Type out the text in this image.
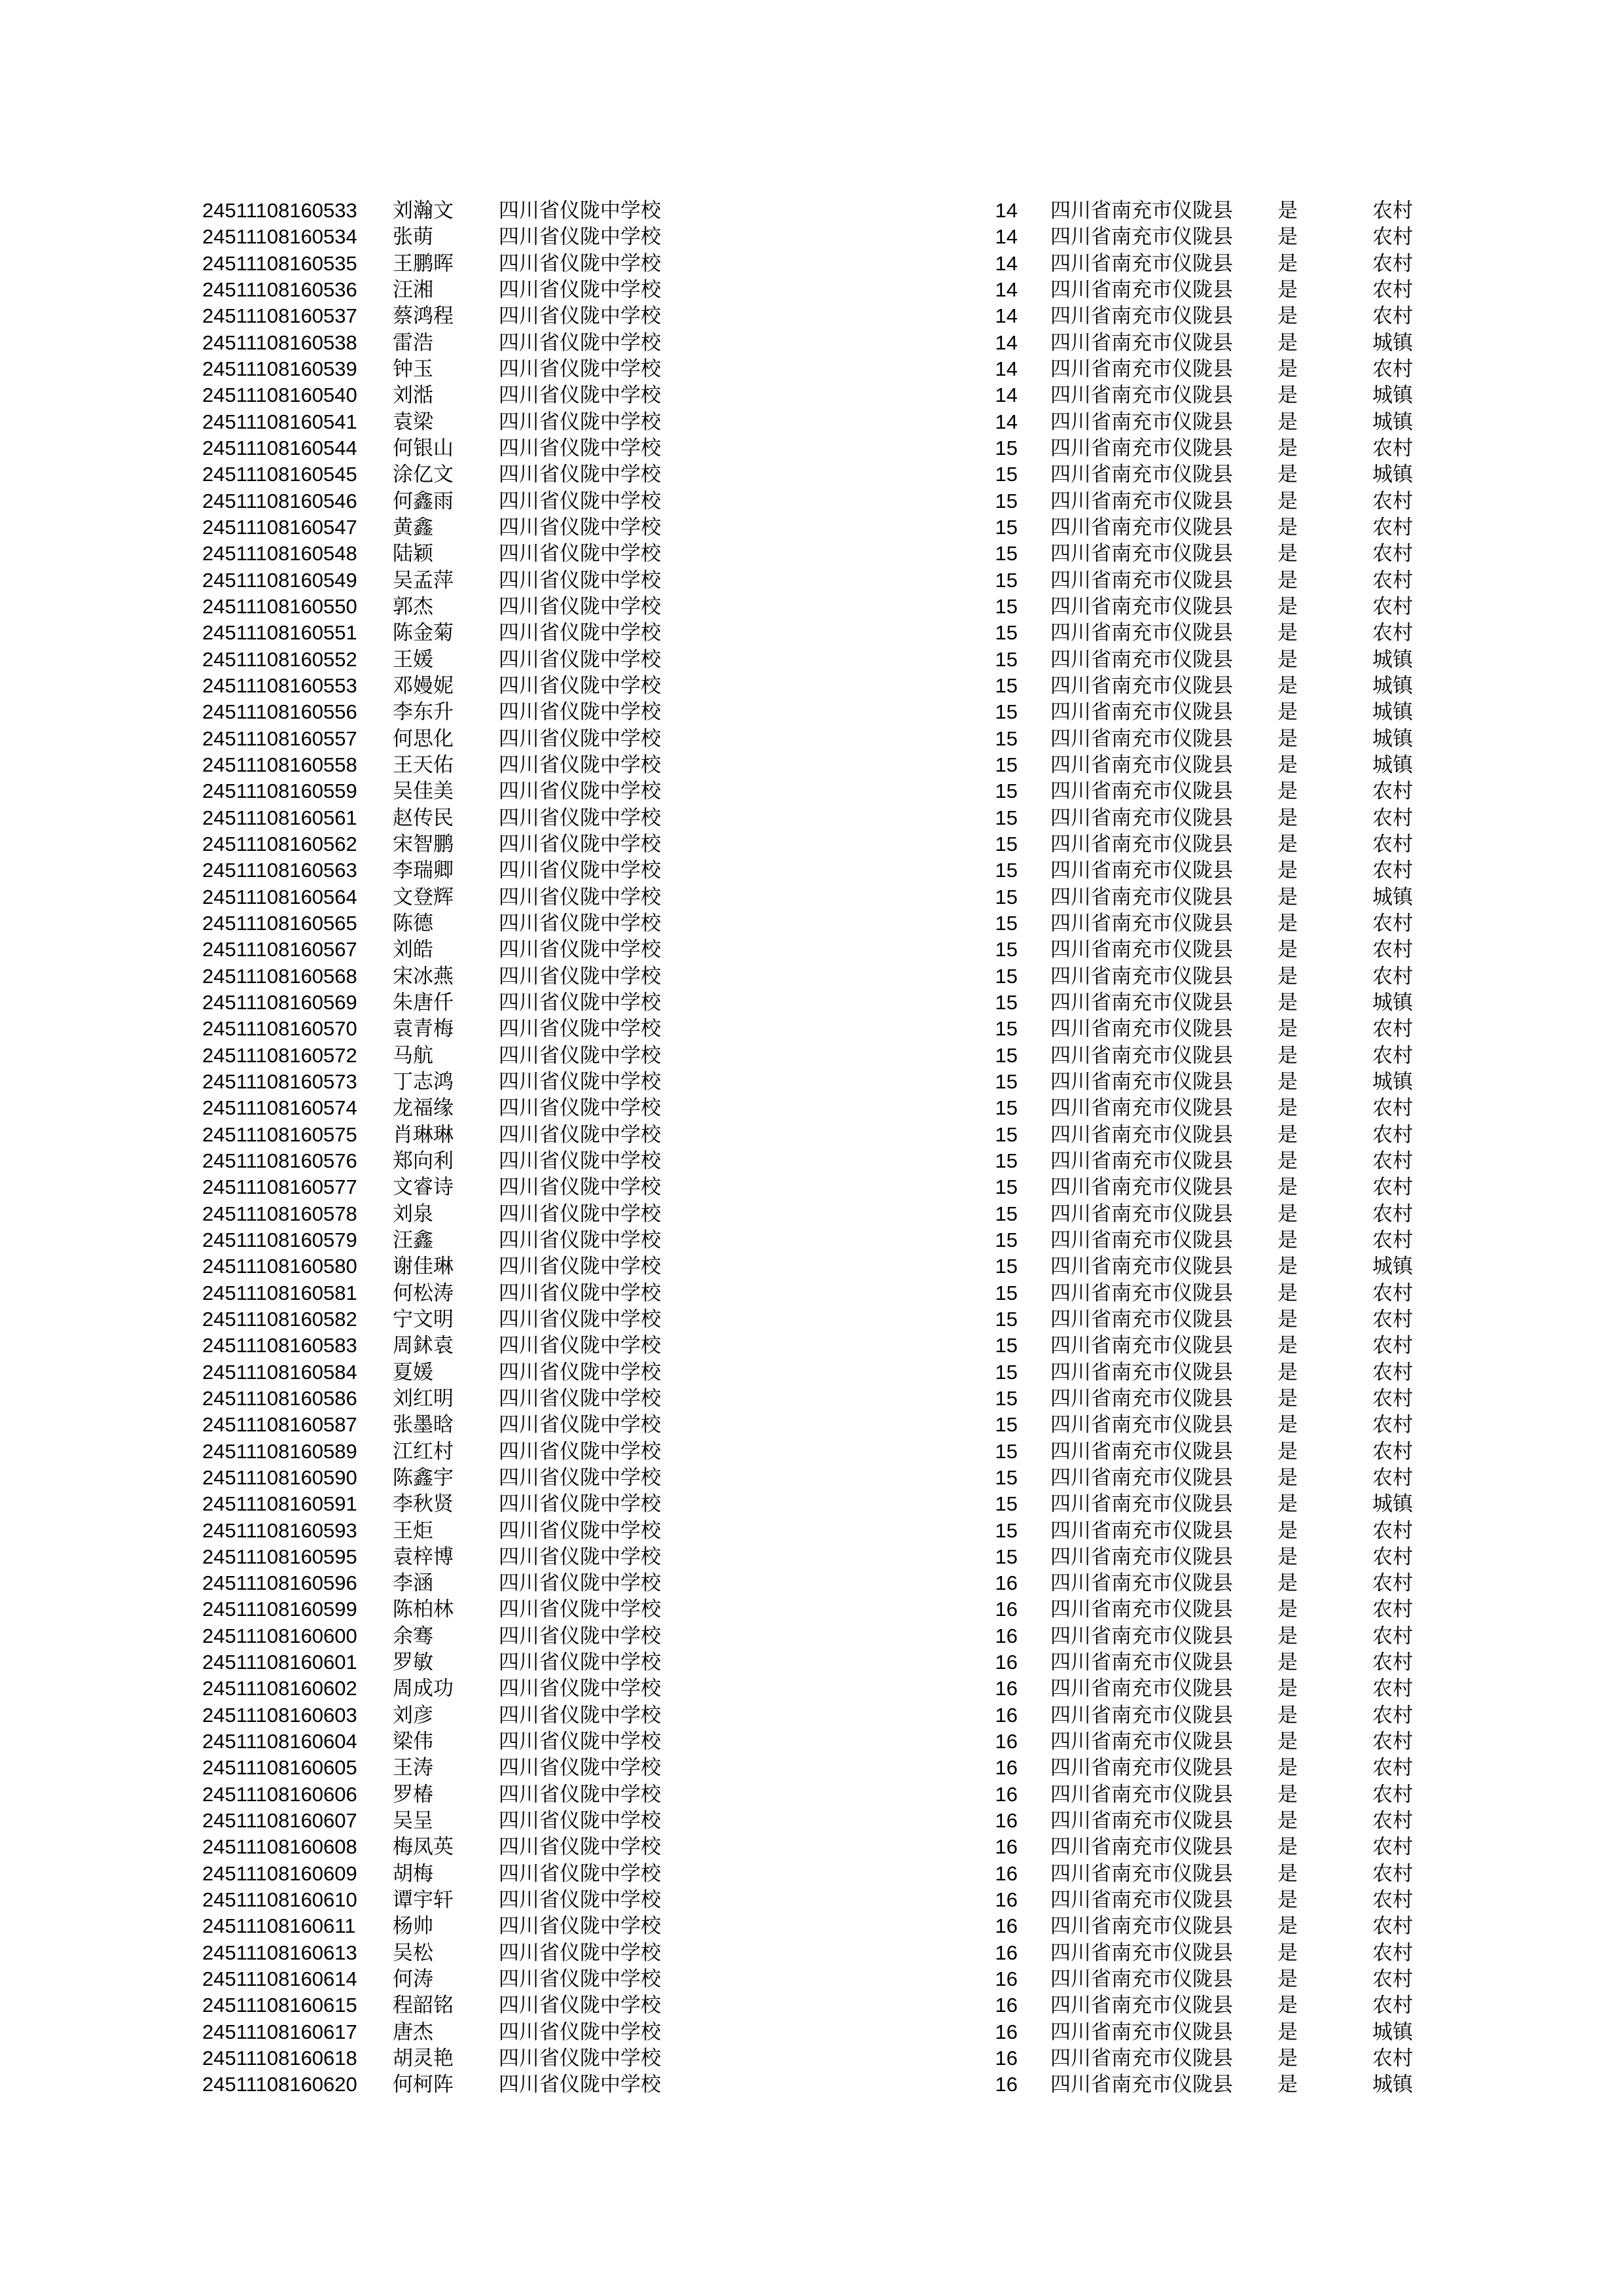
24511108160533 刘瀚文 四川省仪陇中学校	14 四川省南充市仪陇县 是	农村
24511108160534 张萌	四川省仪陇中学校	14 四川省南充市仪陇县 是	农村
24511108160535 王鹏晖 四川省仪陇中学校	14 四川省南充市仪陇县 是	农村
24511108160536 汪湘	四川省仪陇中学校	14 四川省南充市仪陇县 是	农村
24511108160537 蔡鸿程 四川省仪陇中学校	14 四川省南充市仪陇县 是	农村
24511108160538 雷浩	四川省仪陇中学校	14 四川省南充市仪陇县 是	城镇
24511108160539 钟玉	四川省仪陇中学校	14 四川省南充市仪陇县 是	农村
24511108160540 刘湉	四川省仪陇中学校	14 四川省南充市仪陇县 是	城镇
24511108160541 袁梁	四川省仪陇中学校	14 四川省南充市仪陇县 是	城镇
24511108160544 何银山 四川省仪陇中学校	15 四川省南充市仪陇县 是	农村
24511108160545 涂亿文 四川省仪陇中学校	15 四川省南充市仪陇县 是	城镇
24511108160546 何鑫雨 四川省仪陇中学校	15 四川省南充市仪陇县 是	农村
24511108160547 黄鑫	四川省仪陇中学校	15 四川省南充市仪陇县 是	农村
24511108160548 陆颖	四川省仪陇中学校	15 四川省南充市仪陇县 是	农村
24511108160549 吴孟萍 四川省仪陇中学校	15 四川省南充市仪陇县 是	农村
24511108160550 郭杰	四川省仪陇中学校	15 四川省南充市仪陇县 是	农村
24511108160551 陈金菊 四川省仪陇中学校	15 四川省南充市仪陇县 是	农村
24511108160552 王媛	四川省仪陇中学校	15 四川省南充市仪陇县 是	城镇
24511108160553 邓嫚妮 四川省仪陇中学校	15 四川省南充市仪陇县 是	城镇
24511108160556 李东升 四川省仪陇中学校	15 四川省南充市仪陇县 是	城镇
24511108160557 何思化 四川省仪陇中学校	15 四川省南充市仪陇县 是	城镇
24511108160558 王天佑 四川省仪陇中学校	15 四川省南充市仪陇县 是	城镇
24511108160559 吴佳美 四川省仪陇中学校	15 四川省南充市仪陇县 是	农村
24511108160561 赵传民 四川省仪陇中学校	15 四川省南充市仪陇县 是	农村
24511108160562 宋智鹏 四川省仪陇中学校	15 四川省南充市仪陇县 是	农村
24511108160563 李瑞卿 四川省仪陇中学校	15 四川省南充市仪陇县 是	农村
24511108160564 文登辉 四川省仪陇中学校	15 四川省南充市仪陇县 是	城镇
24511108160565 陈德	四川省仪陇中学校	15 四川省南充市仪陇县 是	农村
24511108160567 刘皓	四川省仪陇中学校	15 四川省南充市仪陇县 是	农村
24511108160568 宋冰燕 四川省仪陇中学校	15 四川省南充市仪陇县 是	农村
24511108160569 朱唐仟 四川省仪陇中学校	15 四川省南充市仪陇县 是	城镇
24511108160570 袁青梅 四川省仪陇中学校	15 四川省南充市仪陇县 是	农村
24511108160572 马航	四川省仪陇中学校	15 四川省南充市仪陇县 是	农村
24511108160573 丁志鸿 四川省仪陇中学校	15 四川省南充市仪陇县 是	城镇
24511108160574 龙福缘 四川省仪陇中学校	15 四川省南充市仪陇县 是	农村
24511108160575 肖琳琳 四川省仪陇中学校	15 四川省南充市仪陇县 是	农村
24511108160576 郑向利 四川省仪陇中学校	15 四川省南充市仪陇县 是	农村
24511108160577 文睿诗 四川省仪陇中学校	15 四川省南充市仪陇县 是	农村
24511108160578 刘泉	四川省仪陇中学校	15 四川省南充市仪陇县 是	农村
24511108160579 汪鑫	四川省仪陇中学校	15 四川省南充市仪陇县 是	农村
24511108160580 谢佳琳 四川省仪陇中学校	15 四川省南充市仪陇县 是	城镇
24511108160581 何松涛 四川省仪陇中学校	15 四川省南充市仪陇县 是	农村
24511108160582 宁文明 四川省仪陇中学校	15 四川省南充市仪陇县 是	农村
24511108160583 周鉥袁 四川省仪陇中学校	15 四川省南充市仪陇县 是	农村
24511108160584 夏媛	四川省仪陇中学校	15 四川省南充市仪陇县 是	农村
24511108160586 刘红明 四川省仪陇中学校	15 四川省南充市仪陇县 是	农村
24511108160587 张墨晗 四川省仪陇中学校	15 四川省南充市仪陇县 是	农村
24511108160589 江红村 四川省仪陇中学校	15 四川省南充市仪陇县 是	农村
24511108160590 陈鑫宇 四川省仪陇中学校	15 四川省南充市仪陇县 是	农村
24511108160591 李秋贤 四川省仪陇中学校	15 四川省南充市仪陇县 是	城镇
24511108160593 王炬	四川省仪陇中学校	15 四川省南充市仪陇县 是	农村
24511108160595 袁梓博 四川省仪陇中学校	15 四川省南充市仪陇县 是	农村
24511108160596 李涵	四川省仪陇中学校	16 四川省南充市仪陇县 是	农村
24511108160599 陈柏林 四川省仪陇中学校	16 四川省南充市仪陇县 是	农村
24511108160600 余骞	四川省仪陇中学校	16 四川省南充市仪陇县 是	农村
24511108160601 罗敏	四川省仪陇中学校	16 四川省南充市仪陇县 是	农村
24511108160602 周成功 四川省仪陇中学校	16 四川省南充市仪陇县 是	农村
24511108160603 刘彦	四川省仪陇中学校	16 四川省南充市仪陇县 是	农村
24511108160604 梁伟	四川省仪陇中学校	16 四川省南充市仪陇县 是	农村
24511108160605 王涛	四川省仪陇中学校	16 四川省南充市仪陇县 是	农村
24511108160606 罗椿	四川省仪陇中学校	16 四川省南充市仪陇县 是	农村
24511108160607 吴呈	四川省仪陇中学校	16 四川省南充市仪陇县 是	农村
24511108160608 梅凤英 四川省仪陇中学校	16 四川省南充市仪陇县 是	农村
24511108160609 胡梅	四川省仪陇中学校	16 四川省南充市仪陇县 是	农村
24511108160610 谭宇轩 四川省仪陇中学校	16 四川省南充市仪陇县 是	农村
24511108160611 杨帅	四川省仪陇中学校	16 四川省南充市仪陇县 是	农村
24511108160613 吴松	四川省仪陇中学校	16 四川省南充市仪陇县 是	农村
24511108160614 何涛	四川省仪陇中学校	16 四川省南充市仪陇县 是	农村
24511108160615 程韶铭 四川省仪陇中学校	16 四川省南充市仪陇县 是	农村
24511108160617 唐杰	四川省仪陇中学校	16 四川省南充市仪陇县 是	城镇
24511108160618 胡灵艳 四川省仪陇中学校	16 四川省南充市仪陇县 是	农村
24511108160620 何柯阵 四川省仪陇中学校	16 四川省南充市仪陇县 是	城镇
